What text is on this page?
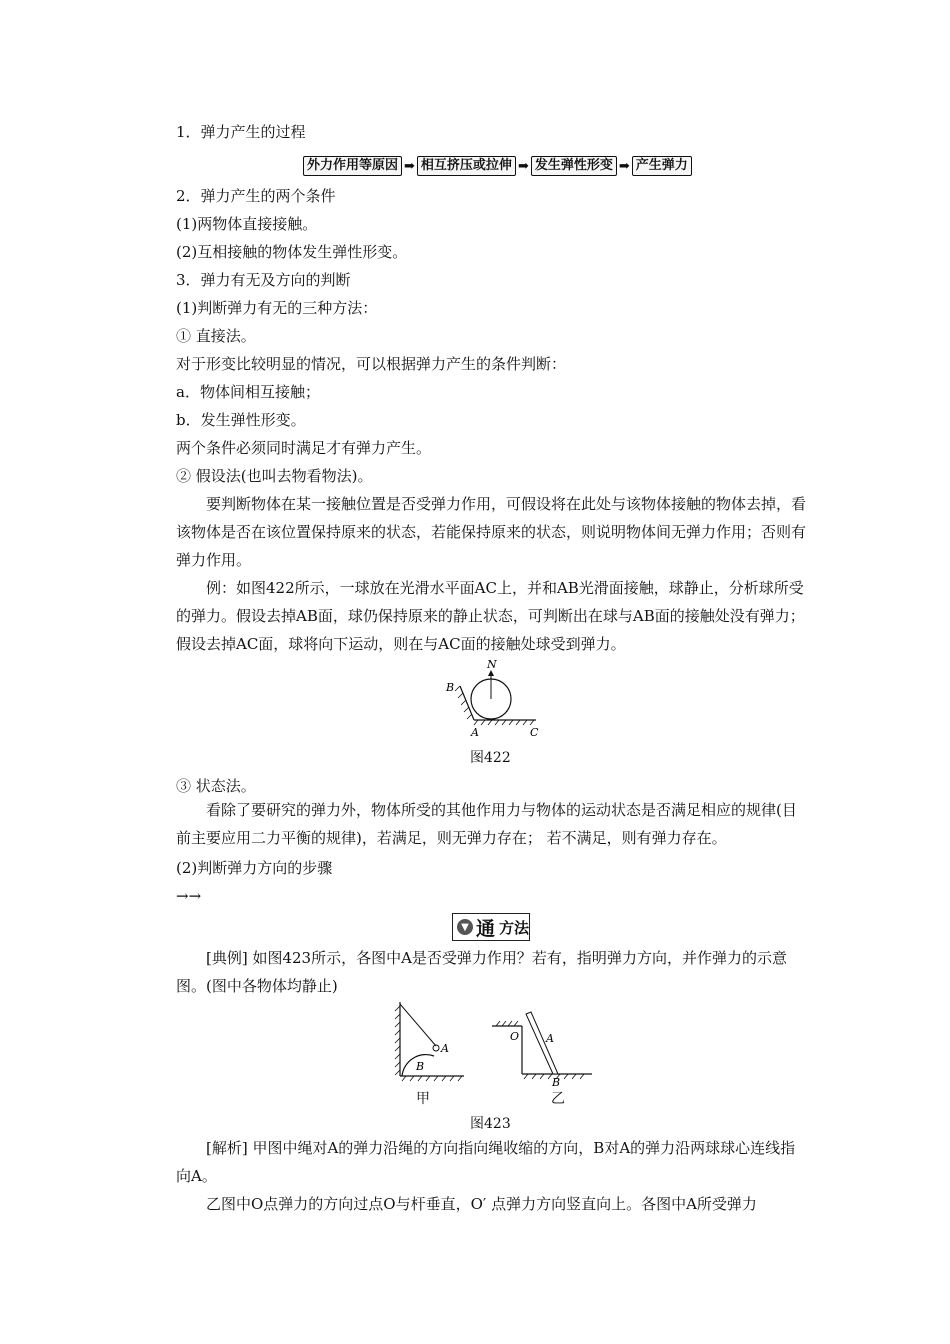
1．弹力产生的过程
外力作用等原因 ➡ 相互挤压或拉伸 ➡ 发生弹性形变 ➡ 产生弹力
2．弹力产生的两个条件
(1)两物体直接接触。
(2)互相接触的物体发生弹性形变。
3．弹力有无及方向的判断
(1)判断弹力有无的三种方法：
① 直接法。
对于形变比较明显的情况，可以根据弹力产生的条件判断：
a．物体间相互接触；
b．发生弹性形变。
两个条件必须同时满足才有弹力产生。
② 假设法(也叫去物看物法)。
要判断物体在某一接触位置是否受弹力作用，可假设将在此处与该物体接触的物体去掉，看该物体是否在该位置保持原来的状态，若能保持原来的状态，则说明物体间无弹力作用；否则有弹力作用。
例：如图422所示，一球放在光滑水平面AC上，并和AB光滑面接触，球静止，分析球所受的弹力。假设去掉AB面，球仍保持原来的静止状态，可判断出在球与AB面的接触处没有弹力；假设去掉AC面，球将向下运动，则在与AC面的接触处球受到弹力。
N
B
A	C
图422
③ 状态法。
看除了要研究的弹力外，物体所受的其他作用力与物体的运动状态是否满足相应的规律(目前主要应用二力平衡的规律)，若满足，则无弹力存在； 若不满足，则有弹力存在。
(2)判断弹力方向的步骤
→→
▼ 通 方法
[典例] 如图423所示，各图中A是否受弹力作用？若有，指明弹力方向，并作弹力的示意图。(图中各物体均静止)
A
B
甲
O A
B
乙
图423
[解析] 甲图中绳对A的弹力沿绳的方向指向绳收缩的方向，B对A的弹力沿两球球心连线指向A。
乙图中O点弹力的方向过点O与杆垂直，O′ 点弹力方向竖直向上。各图中A所受弹力
